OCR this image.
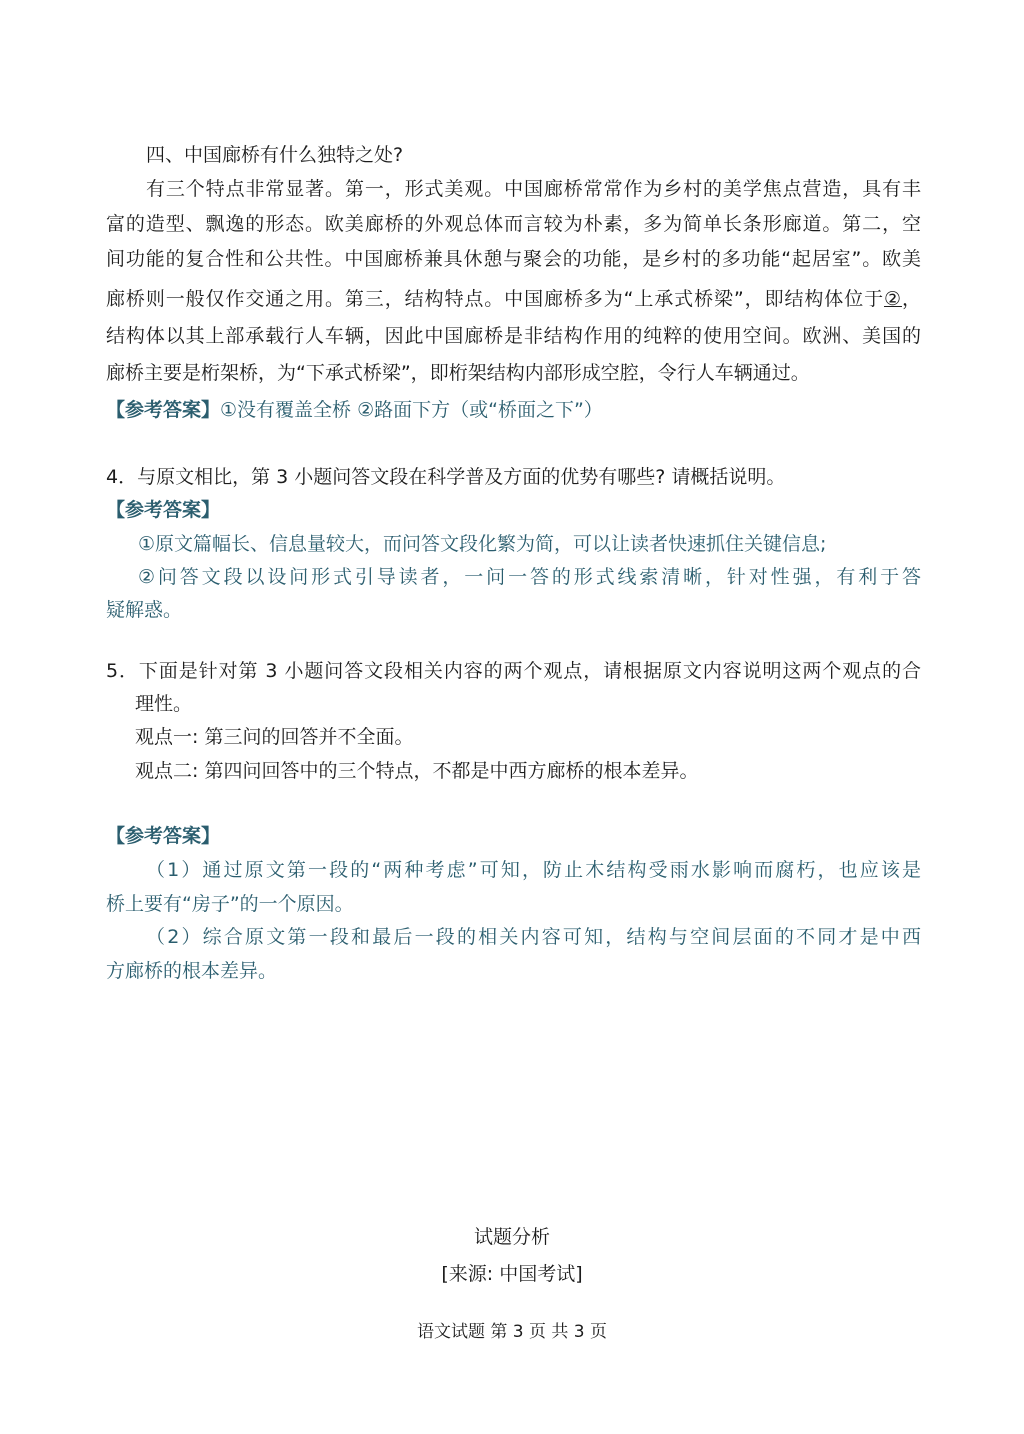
四、中国廊桥有什么独特之处?
有三个特点非常显著。第一，形式美观。中国廊桥常常作为乡村的美学焦点营造，具有丰
富的造型、飘逸的形态。欧美廊桥的外观总体而言较为朴素，多为简单长条形廊道。第二，空
间功能的复合性和公共性。中国廊桥兼具休憩与聚会的功能，是乡村的多功能“起居室”。欧美
廊桥则一般仅作交通之用。第三，结构特点。中国廊桥多为“上承式桥梁”，即结构体位于②，
结构体以其上部承载行人车辆，因此中国廊桥是非结构作用的纯粹的使用空间。欧洲、美国的
廊桥主要是桁架桥，为“下承式桥梁”，即桁架结构内部形成空腔，令行人车辆通过。
【参考答案】①没有覆盖全桥 ②路面下方（或“桥面之下”）
4．与原文相比，第 3 小题问答文段在科学普及方面的优势有哪些? 请概括说明。
【参考答案】
①原文篇幅长、信息量较大，而问答文段化繁为简，可以让读者快速抓住关键信息;
②问答文段以设问形式引导读者，一问一答的形式线索清晰，针对性强，有利于答
疑解惑。
5．下面是针对第 3 小题问答文段相关内容的两个观点，请根据原文内容说明这两个观点的合
理性。
观点一: 第三问的回答并不全面。
观点二: 第四问回答中的三个特点，不都是中西方廊桥的根本差异。
【参考答案】
（1）通过原文第一段的“两种考虑”可知，防止木结构受雨水影响而腐朽，也应该是
桥上要有“房子”的一个原因。
（2）综合原文第一段和最后一段的相关内容可知，结构与空间层面的不同才是中西
方廊桥的根本差异。
试题分析
[来源: 中国考试]
语文试题 第 3 页 共 3 页
